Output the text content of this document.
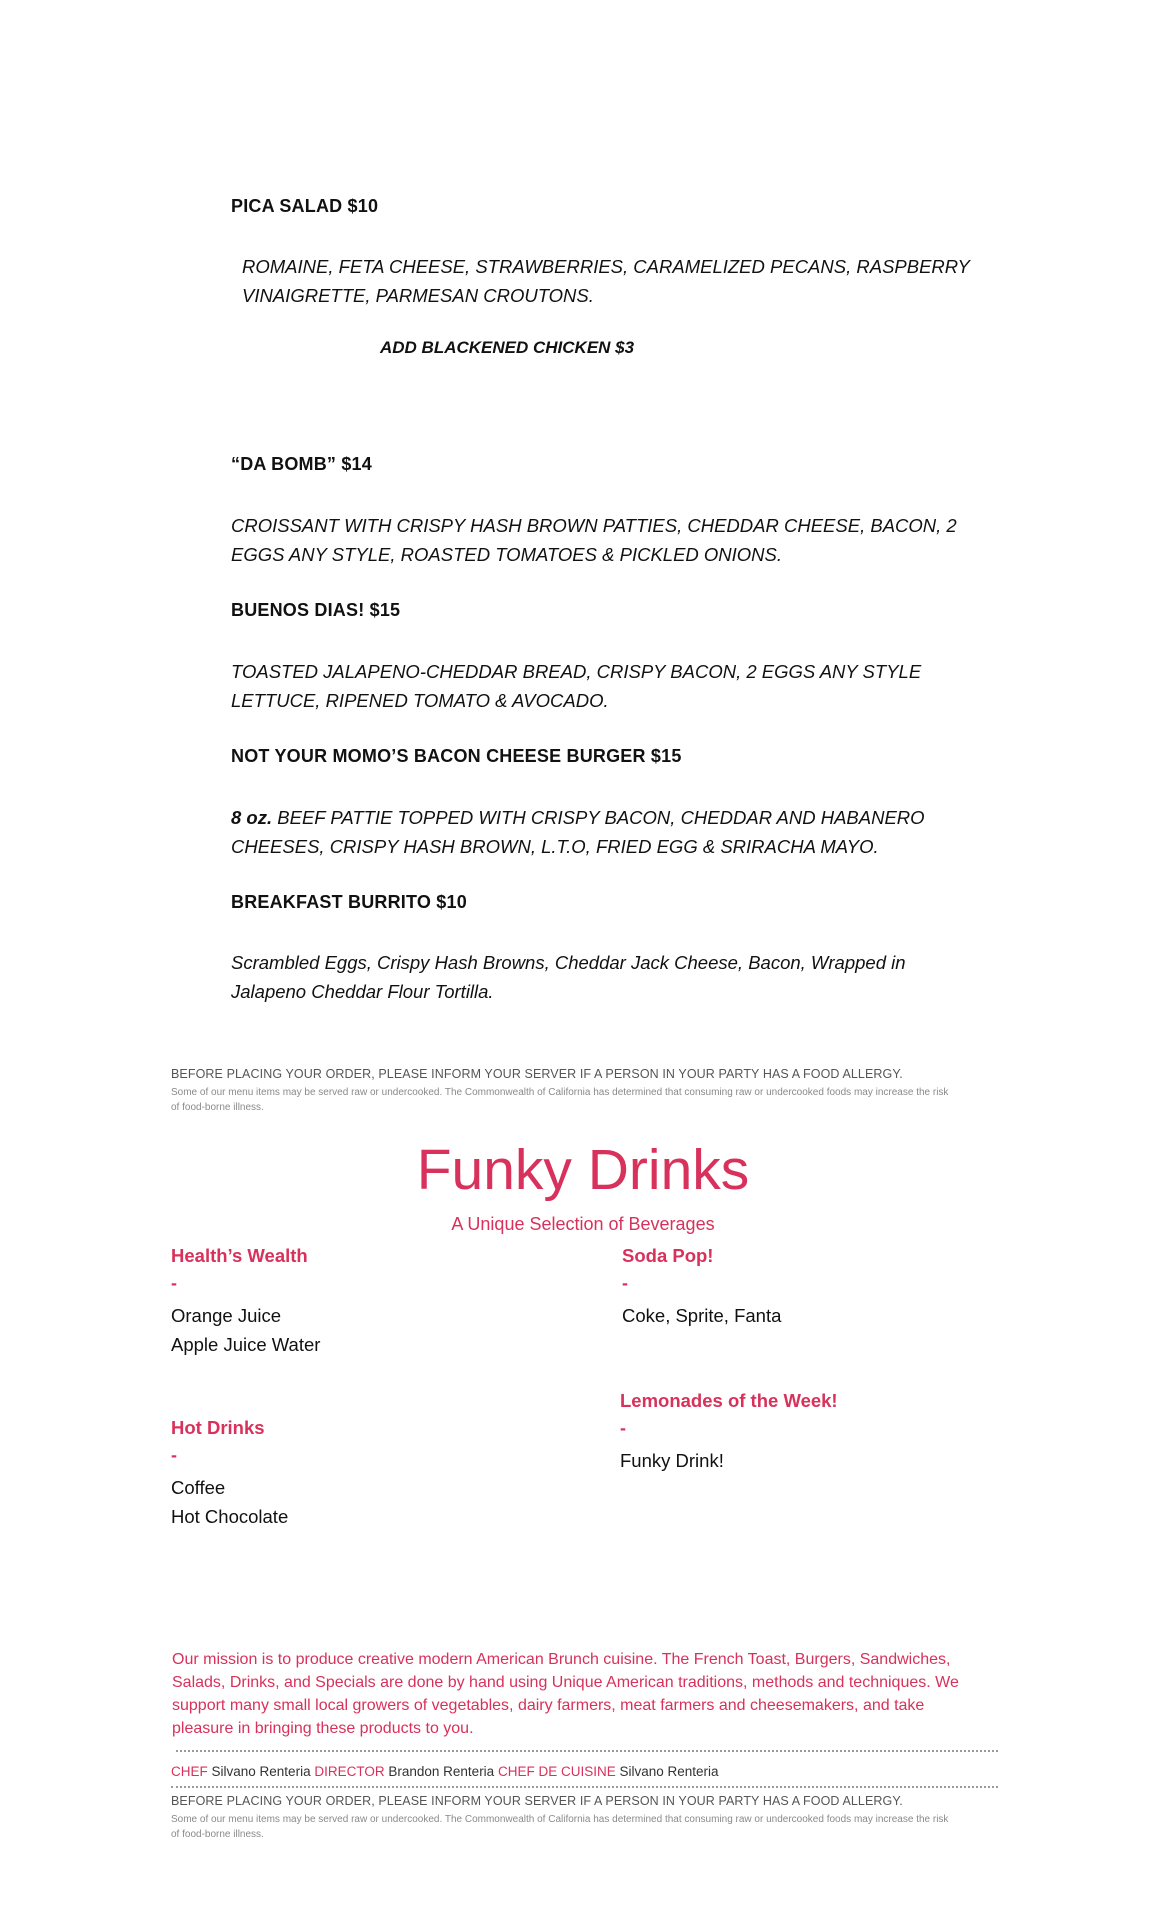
PICA SALAD $10
ROMAINE, FETA CHEESE, STRAWBERRIES, CARAMELIZED PECANS, RASPBERRY
VINAIGRETTE, PARMESAN CROUTONS.
ADD BLACKENED CHICKEN $3
“DA BOMB” $14
CROISSANT WITH CRISPY HASH BROWN PATTIES, CHEDDAR CHEESE, BACON, 2
EGGS ANY STYLE, ROASTED TOMATOES & PICKLED ONIONS.
BUENOS DIAS! $15
TOASTED JALAPENO-CHEDDAR BREAD, CRISPY BACON, 2 EGGS ANY STYLE
LETTUCE, RIPENED TOMATO & AVOCADO.
NOT YOUR MOMO’S BACON CHEESE BURGER $15
8 oz. BEEF PATTIE TOPPED WITH CRISPY BACON, CHEDDAR AND HABANERO
CHEESES, CRISPY HASH BROWN, L.T.O, FRIED EGG & SRIRACHA MAYO.
BREAKFAST BURRITO $10
Scrambled Eggs, Crispy Hash Browns, Cheddar Jack Cheese, Bacon, Wrapped in
Jalapeno Cheddar Flour Tortilla.
BEFORE PLACING YOUR ORDER, PLEASE INFORM YOUR SERVER IF A PERSON IN YOUR PARTY HAS A FOOD ALLERGY.
Some of our menu items may be served raw or undercooked. The Commonwealth of California has determined that consuming raw or undercooked foods may increase the risk
of food-borne illness.
Funky Drinks
A Unique Selection of Beverages
Health’s Wealth
-
Orange Juice
Apple Juice Water
Soda Pop!
-
Coke, Sprite, Fanta
Lemonades of the Week!
-
Funky Drink!
Hot Drinks
-
Coffee
Hot Chocolate
Our mission is to produce creative modern American Brunch cuisine. The French Toast, Burgers, Sandwiches,
Salads, Drinks, and Specials are done by hand using Unique American traditions, methods and techniques. We
support many small local growers of vegetables, dairy farmers, meat farmers and cheesemakers, and take
pleasure in bringing these products to you.
CHEF Silvano Renteria DIRECTOR Brandon Renteria CHEF DE CUISINE Silvano Renteria
BEFORE PLACING YOUR ORDER, PLEASE INFORM YOUR SERVER IF A PERSON IN YOUR PARTY HAS A FOOD ALLERGY.
Some of our menu items may be served raw or undercooked. The Commonwealth of California has determined that consuming raw or undercooked foods may increase the risk
of food-borne illness.
